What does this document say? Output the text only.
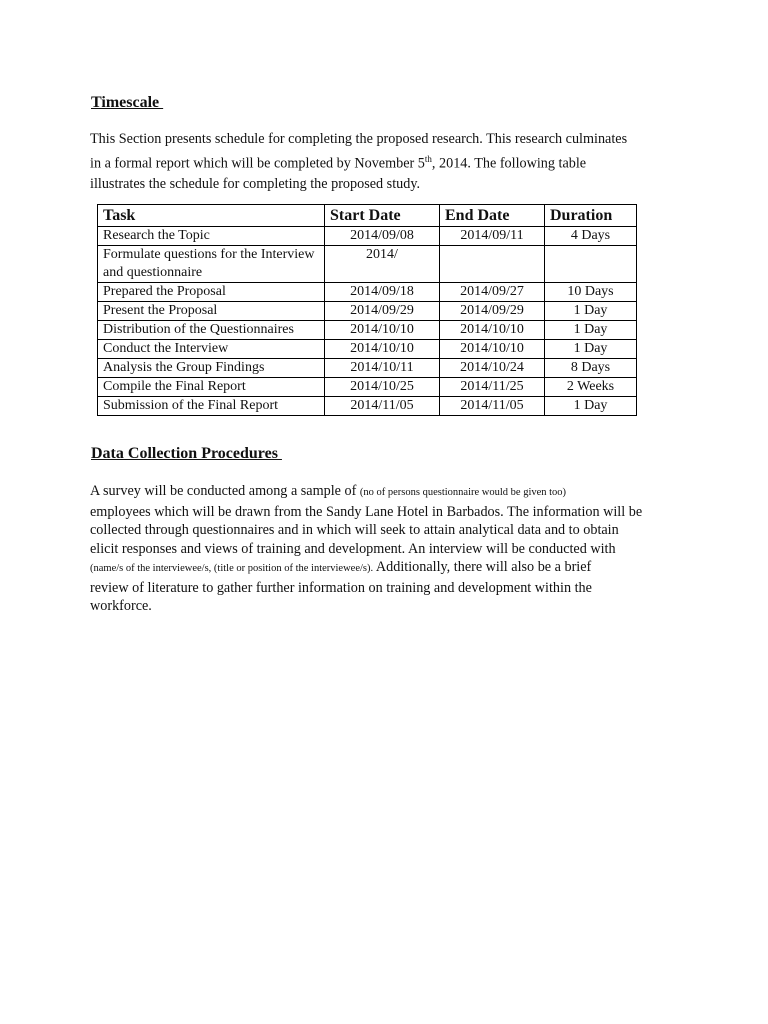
Timescale
This Section presents schedule for completing the proposed research. This research culminates
in a formal report which will be completed by November 5th, 2014. The following table
illustrates the schedule for completing the proposed study.
Task	Start Date	End Date	Duration
Research the Topic	2014/09/08	2014/09/11	4 Days
Formulate questions for the Interview and questionnaire	2014/		
Prepared the Proposal	2014/09/18	2014/09/27	10 Days
Present the Proposal	2014/09/29	2014/09/29	1 Day
Distribution of the Questionnaires	2014/10/10	2014/10/10	1 Day
Conduct the Interview	2014/10/10	2014/10/10	1 Day
Analysis the Group Findings	2014/10/11	2014/10/24	8 Days
Compile the Final Report	2014/10/25	2014/11/25	2 Weeks
Submission of the Final Report	2014/11/05	2014/11/05	1 Day
Data Collection Procedures
A survey will be conducted among a sample of (no of persons questionnaire would be given too)
employees which will be drawn from the Sandy Lane Hotel in Barbados. The information will be
collected through questionnaires and in which will seek to attain analytical data and to obtain
elicit responses and views of training and development. An interview will be conducted with
(name/s of the interviewee/s, (title or position of the interviewee/s). Additionally, there will also be a brief
review of literature to gather further information on training and development within the
workforce.
